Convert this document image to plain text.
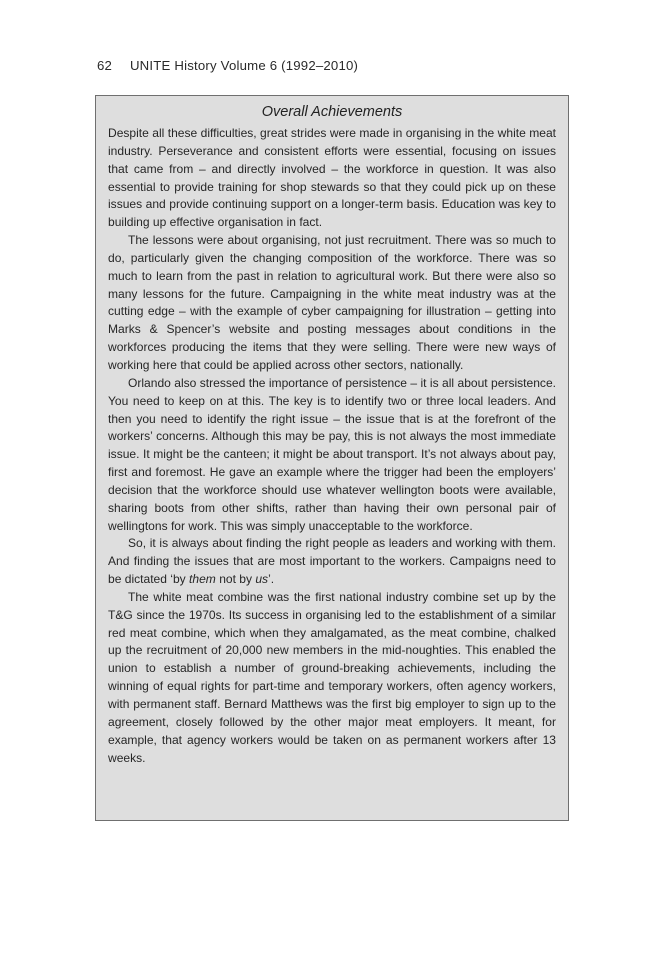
62 UNITE History Volume 6 (1992–2010)
Overall Achievements

Despite all these difficulties, great strides were made in organising in the white meat industry. Perseverance and consistent efforts were essential, focusing on issues that came from – and directly involved – the workforce in question. It was also essential to provide training for shop stewards so that they could pick up on these issues and provide continuing support on a longer-term basis. Education was key to building up effective organisation in fact.

The lessons were about organising, not just recruitment. There was so much to do, particularly given the changing composition of the workforce. There was so much to learn from the past in relation to agricultural work. But there were also so many lessons for the future. Campaigning in the white meat industry was at the cutting edge – with the example of cyber campaigning for illustration – getting into Marks & Spencer’s website and posting messages about conditions in the workforces producing the items that they were selling. There were new ways of working here that could be applied across other sectors, nationally.

Orlando also stressed the importance of persistence – it is all about persistence. You need to keep on at this. The key is to identify two or three local leaders. And then you need to identify the right issue – the issue that is at the forefront of the workers’ concerns. Although this may be pay, this is not always the most immediate issue. It might be the canteen; it might be about transport. It’s not always about pay, first and foremost. He gave an example where the trigger had been the employers’ decision that the workforce should use whatever wellington boots were available, sharing boots from other shifts, rather than having their own personal pair of wellingtons for work. This was simply unacceptable to the workforce.

So, it is always about finding the right people as leaders and working with them. And finding the issues that are most important to the workers. Campaigns need to be dictated ‘by them not by us’.

The white meat combine was the first national industry combine set up by the T&G since the 1970s. Its success in organising led to the establishment of a similar red meat combine, which when they amalgamated, as the meat combine, chalked up the recruitment of 20,000 new members in the mid-noughties. This enabled the union to establish a number of ground-breaking achievements, including the winning of equal rights for part-time and temporary workers, often agency workers, with permanent staff. Bernard Matthews was the first big employer to sign up to the agreement, closely followed by the other major meat employers. It meant, for example, that agency workers would be taken on as permanent workers after 13 weeks.
